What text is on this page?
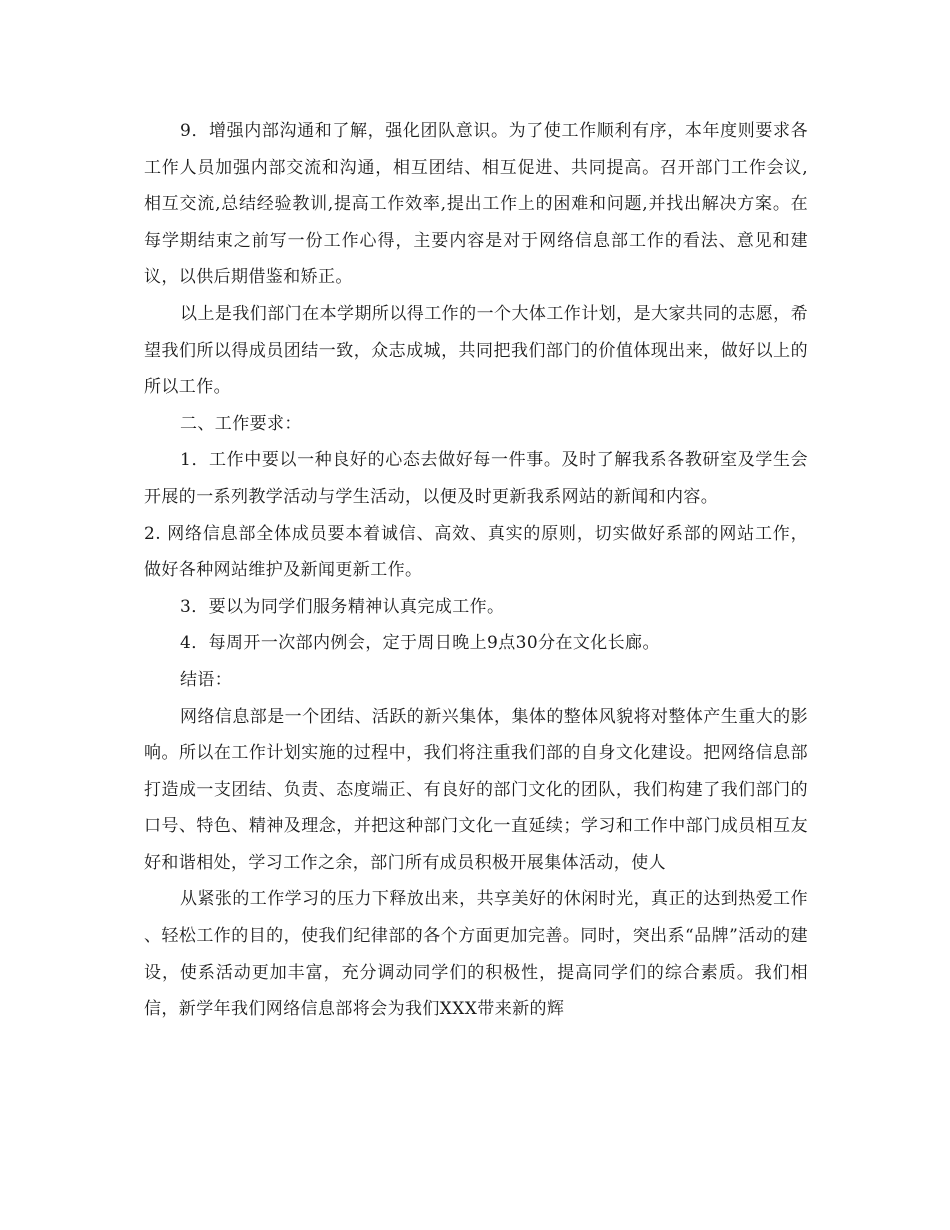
9．增强内部沟通和了解，强化团队意识。为了使工作顺利有序，本年度则要求各工作人员加强内部交流和沟通，相互团结、相互促进、共同提高。召开部门工作会议,相互交流,总结经验教训,提高工作效率,提出工作上的困难和问题,并找出解决方案。在每学期结束之前写一份工作心得，主要内容是对于网络信息部工作的看法、意见和建议，以供后期借鉴和矫正。

以上是我们部门在本学期所以得工作的一个大体工作计划，是大家共同的志愿，希望我们所以得成员团结一致，众志成城，共同把我们部门的价值体现出来，做好以上的所以工作。

二、工作要求：

1．工作中要以一种良好的心态去做好每一件事。及时了解我系各教研室及学生会开展的一系列教学活动与学生活动，以便及时更新我系网站的新闻和内容。

2. 网络信息部全体成员要本着诚信、高效、真实的原则，切实做好系部的网站工作，做好各种网站维护及新闻更新工作。

3．要以为同学们服务精神认真完成工作。

4．每周开一次部内例会，定于周日晚上9点30分在文化长廊。

结语：

网络信息部是一个团结、活跃的新兴集体，集体的整体风貌将对整体产生重大的影响。所以在工作计划实施的过程中，我们将注重我们部的自身文化建设。把网络信息部打造成一支团结、负责、态度端正、有良好的部门文化的团队，我们构建了我们部门的口号、特色、精神及理念，并把这种部门文化一直延续；学习和工作中部门成员相互友好和谐相处，学习工作之余，部门所有成员积极开展集体活动，使人

从紧张的工作学习的压力下释放出来，共享美好的休闲时光，真正的达到热爱工作 、轻松工作的目的，使我们纪律部的各个方面更加完善。同时，突出系“品牌”活动的建设，使系活动更加丰富，充分调动同学们的积极性，提高同学们的综合素质。我们相信，新学年我们网络信息部将会为我们XXX带来新的辉
